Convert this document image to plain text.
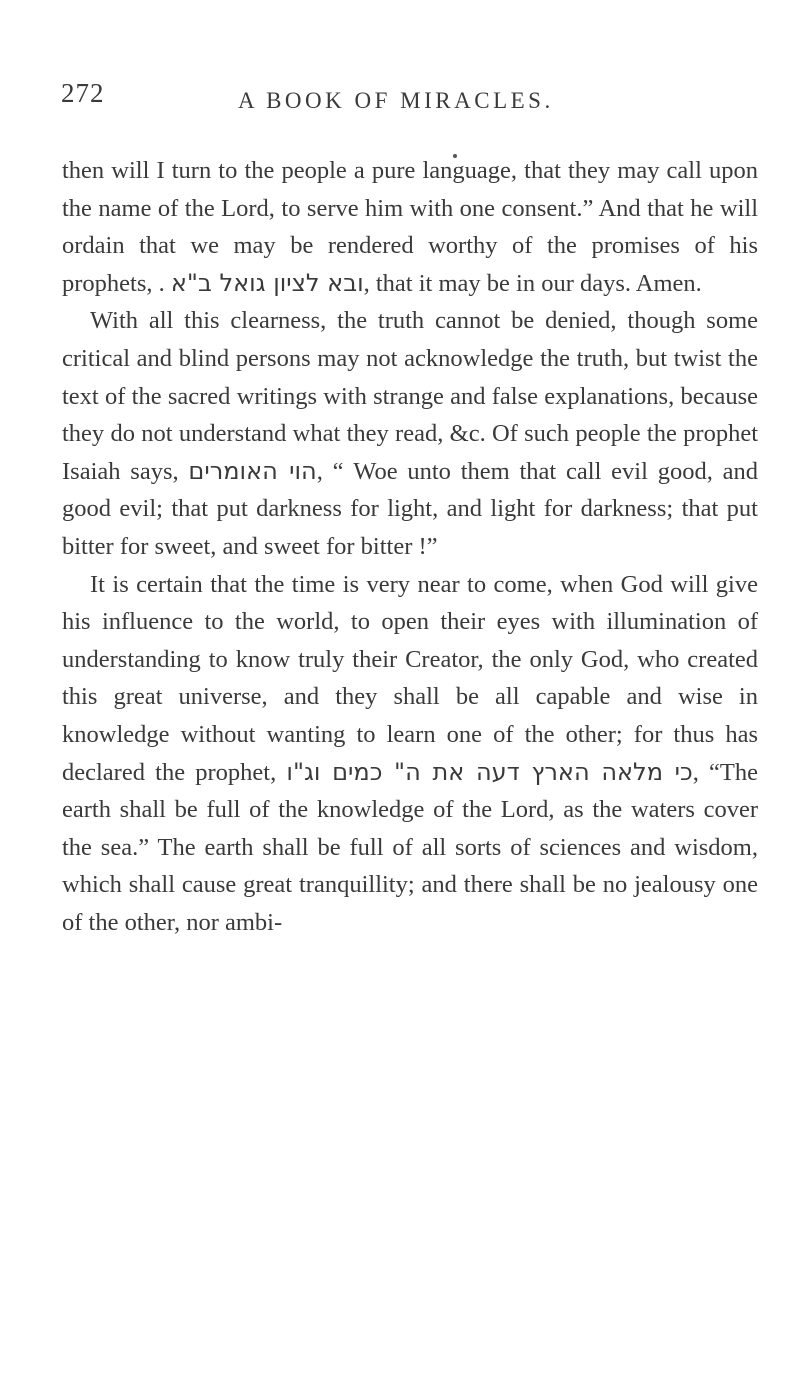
272	A BOOK OF MIRACLES.

then will I turn to the people a pure language, that they may call upon the name of the Lord, to serve him with one consent.” And that he will ordain that we may be rendered worthy of the promises of his prophets, . ובא לציון גואל ב"א, that it may be in our days. Amen.

With all this clearness, the truth cannot be denied, though some critical and blind persons may not acknowledge the truth, but twist the text of the sacred writings with strange and false explanations, because they do not understand what they read, &c. Of such people the prophet Isaiah says, הוי האומרים, “ Woe unto them that call evil good, and good evil; that put darkness for light, and light for darkness; that put bitter for sweet, and sweet for bitter !”

It is certain that the time is very near to come, when God will give his influence to the world, to open their eyes with illumination of understanding to know truly their Creator, the only God, who created this great universe, and they shall be all capable and wise in knowledge without wanting to learn one of the other; for thus has declared the prophet, כי מלאה הארץ דעה את ה" כמים וג"ו, “The earth shall be full of the knowledge of the Lord, as the waters cover the sea.” The earth shall be full of all sorts of sciences and wisdom, which shall cause great tranquillity; and there shall be no jealousy one of the other, nor ambi-
